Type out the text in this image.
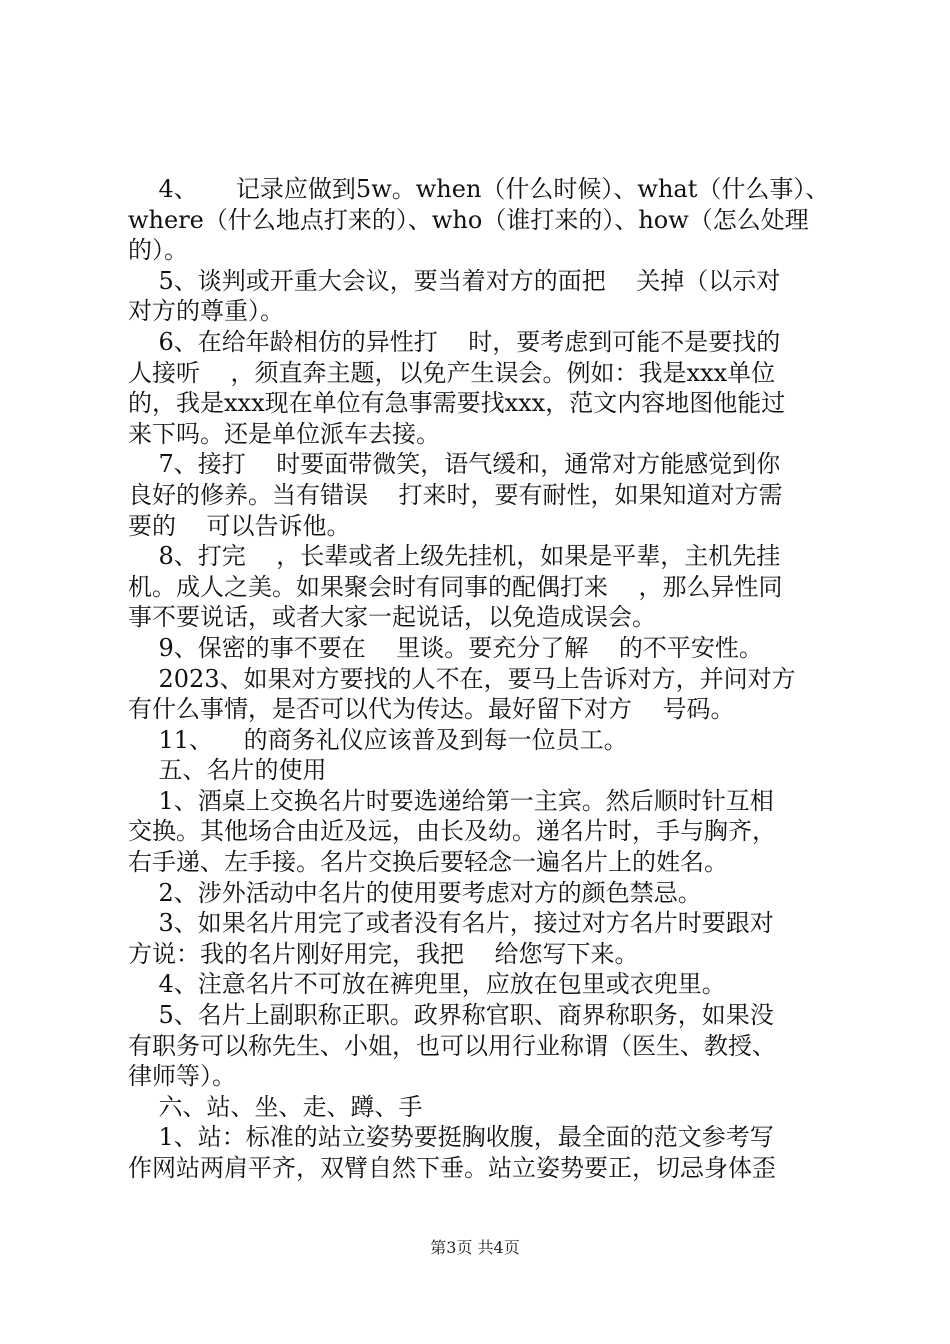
4、     记录应做到5w。when（什么时候）、what（什么事）、
where（什么地点打来的）、who（谁打来的）、how（怎么处理
的）。
5、谈判或开重大会议，要当着对方的面把    关掉（以示对
对方的尊重）。
6、在给年龄相仿的异性打    时，要考虑到可能不是要找的
人接听    ，须直奔主题，以免产生误会。例如：我是xxx单位
的，我是xxx现在单位有急事需要找xxx，范文内容地图他能过
来下吗。还是单位派车去接。
7、接打    时要面带微笑，语气缓和，通常对方能感觉到你
良好的修养。当有错误    打来时，要有耐性，如果知道对方需
要的    可以告诉他。
8、打完    ，长辈或者上级先挂机，如果是平辈，主机先挂
机。成人之美。如果聚会时有同事的配偶打来    ，那么异性同
事不要说话，或者大家一起说话，以免造成误会。
9、保密的事不要在    里谈。要充分了解    的不平安性。
2023、如果对方要找的人不在，要马上告诉对方，并问对方
有什么事情，是否可以代为传达。最好留下对方    号码。
11、    的商务礼仪应该普及到每一位员工。
五、名片的使用
1、酒桌上交换名片时要选递给第一主宾。然后顺时针互相
交换。其他场合由近及远，由长及幼。递名片时，手与胸齐，
右手递、左手接。名片交换后要轻念一遍名片上的姓名。
2、涉外活动中名片的使用要考虑对方的颜色禁忌。
3、如果名片用完了或者没有名片，接过对方名片时要跟对
方说：我的名片刚好用完，我把    给您写下来。
4、注意名片不可放在裤兜里，应放在包里或衣兜里。
5、名片上副职称正职。政界称官职、商界称职务，如果没
有职务可以称先生、小姐，也可以用行业称谓（医生、教授、
律师等）。
六、站、坐、走、蹲、手
1、站：标准的站立姿势要挺胸收腹，最全面的范文参考写
作网站两肩平齐，双臂自然下垂。站立姿势要正，切忌身体歪
第3页 共4页
